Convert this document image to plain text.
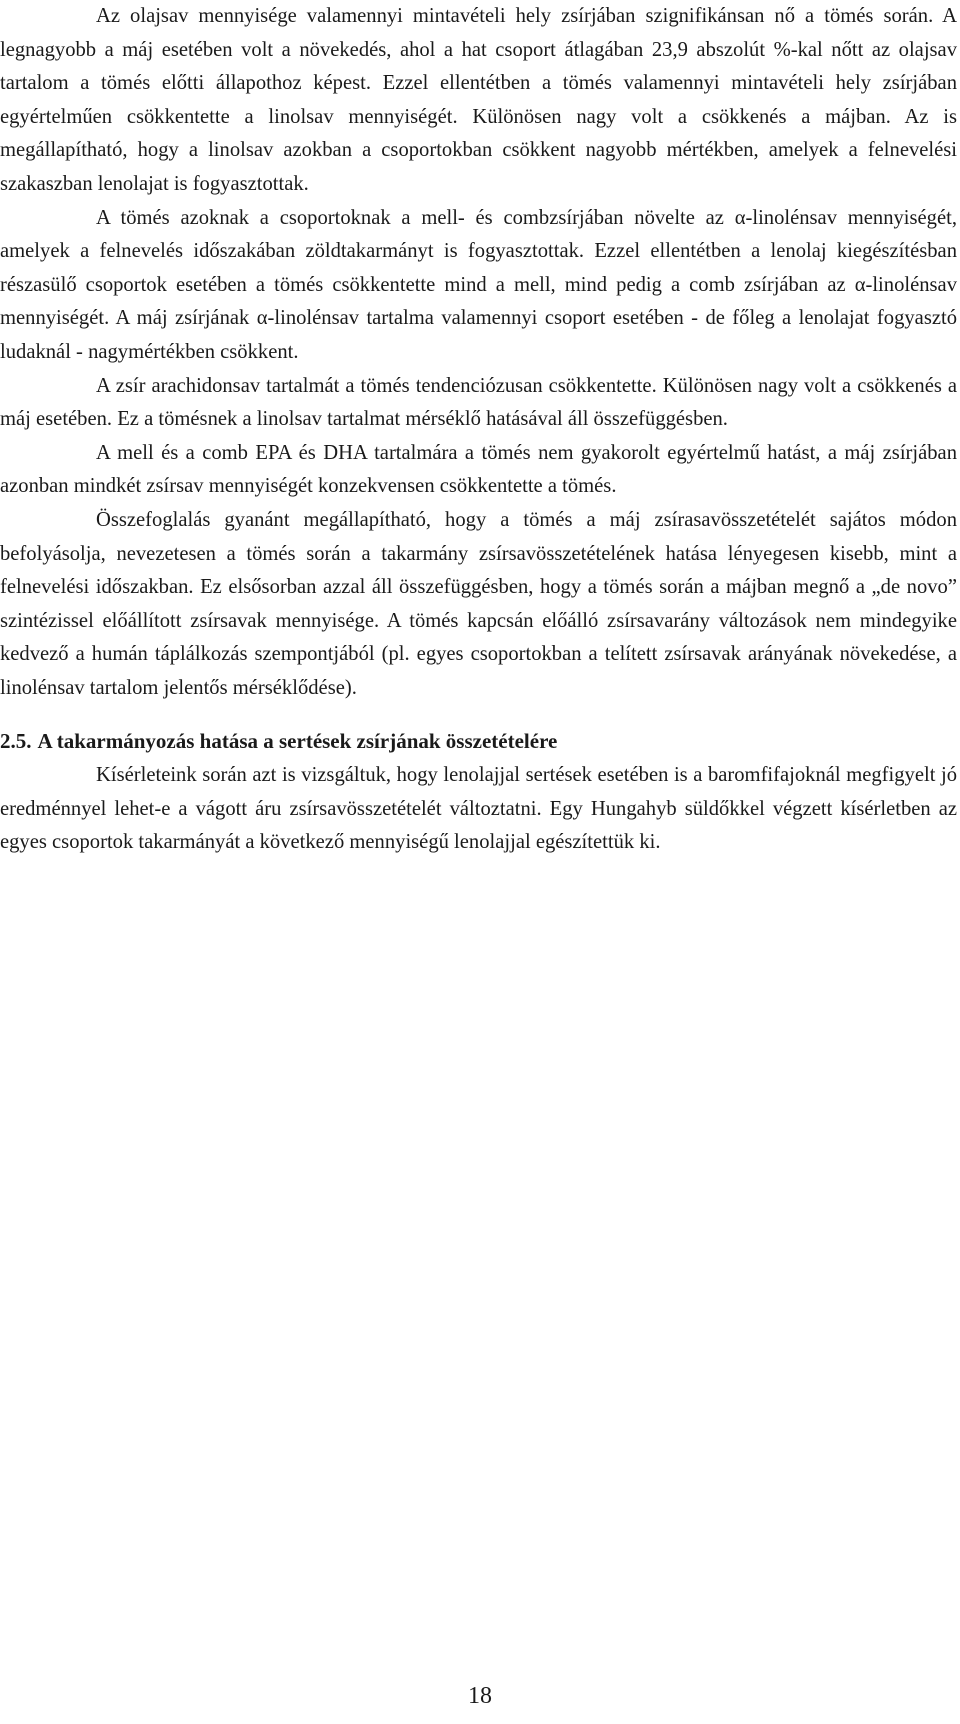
Az olajsav mennyisége valamennyi mintavételi hely zsírjában szignifikánsan nő a tömés során. A legnagyobb a máj esetében volt a növekedés, ahol a hat csoport átlagában 23,9 abszolút %-kal nőtt az olajsav tartalom a tömés előtti állapothoz képest. Ezzel ellentétben a tömés valamennyi mintavételi hely zsírjában egyértelműen csökkentette a linolsav mennyiségét. Különösen nagy volt a csökkenés a májban. Az is megállapítható, hogy a linolsav azokban a csoportokban csökkent nagyobb mértékben, amelyek a felnevelési szakaszban lenolajat is fogyasztottak.

A tömés azoknak a csoportoknak a mell- és combzsírjában növelte az α-linolénsav mennyiségét, amelyek a felnevelés időszakában zöldtakarmányt is fogyasztottak. Ezzel ellentétben a lenolaj kiegészítésban részasülő csoportok esetében a tömés csökkentette mind a mell, mind pedig a comb zsírjában az α-linolénsav mennyiségét. A máj zsírjának α-linolénsav tartalma valamennyi csoport esetében - de főleg a lenolajat fogyasztó ludaknál - nagymértékben csökkent.

A zsír arachidonsav tartalmát a tömés tendenciózusan csökkentette. Különösen nagy volt a csökkenés a máj esetében. Ez a tömésnek a linolsav tartalmat mérséklő hatásával áll összefüggésben.

A mell és a comb EPA és DHA tartalmára a tömés nem gyakorolt egyértelmű hatást, a máj zsírjában azonban mindkét zsírsav mennyiségét konzekvensen csökkentette a tömés.

Összefoglalás gyanánt megállapítható, hogy a tömés a máj zsírasavösszetételét sajátos módon befolyásolja, nevezetesen a tömés során a takarmány zsírsavösszetételének hatása lényegesen kisebb, mint a felnevelési időszakban. Ez elsősorban azzal áll összefüggésben, hogy a tömés során a májban megnő a „de novo” szintézissel előállított zsírsavak mennyisége. A tömés kapcsán előálló zsírsavarány változások nem mindegyike kedvező a humán táplálkozás szempontjából (pl. egyes csoportokban a telített zsírsavak arányának növekedése, a linolénsav tartalom jelentős mérséklődése).

2.5. A takarmányozás hatása a sertések zsírjának összetételére

Kísérleteink során azt is vizsgáltuk, hogy lenolajjal sertések esetében is a baromfifajoknál megfigyelt jó eredménnyel lehet-e a vágott áru zsírsavösszetételét változtatni. Egy Hungahyb süldőkkel végzett kísérletben az egyes csoportok takarmányát a következő mennyiségű lenolajjal egészítettük ki.

18
